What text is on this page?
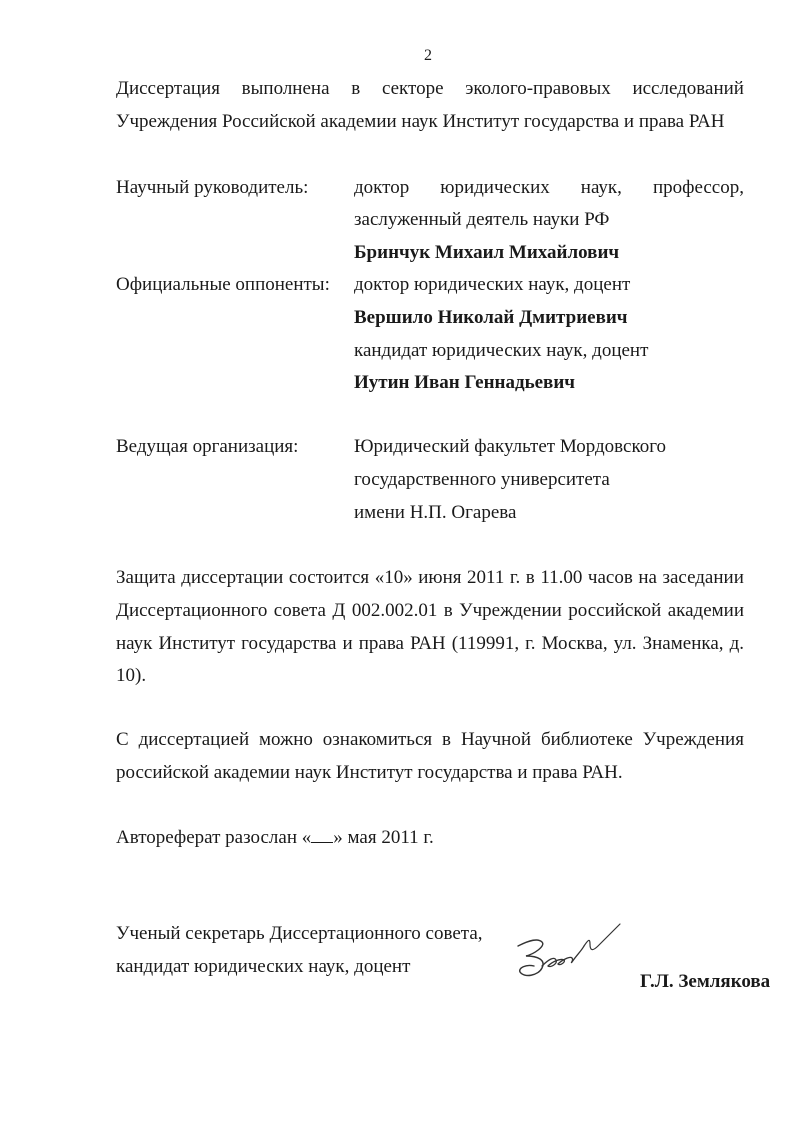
2
Диссертация выполнена в секторе эколого-правовых исследований
Учреждения Российской академии наук Институт государства и права РАН
Научный руководитель: доктор юридических наук, профессор,
заслуженный деятель науки РФ
Бринчук Михаил Михайлович
Официальные оппоненты: доктор юридических наук, доцент
Вершило Николай Дмитриевич
кандидат юридических наук, доцент
Иутин Иван Геннадьевич
Ведущая организация:	Юридический факультет Мордовского
государственного университета
имени Н.П. Огарева
Защита диссертации состоится «10» июня 2011 г. в 11.00 часов на заседании
Диссертационного совета Д 002.002.01 в Учреждении российской академии
наук Институт государства и права РАН (119991, г. Москва, ул. Знаменка, д.
10).
С диссертацией можно ознакомиться в Научной библиотеке Учреждения
российской академии наук Институт государства и права РАН.
Автореферат разослан « » мая 2011 г.
Ученый секретарь Диссертационного совета,
кандидат юридических наук, доцент
Г.Л. Землякова
